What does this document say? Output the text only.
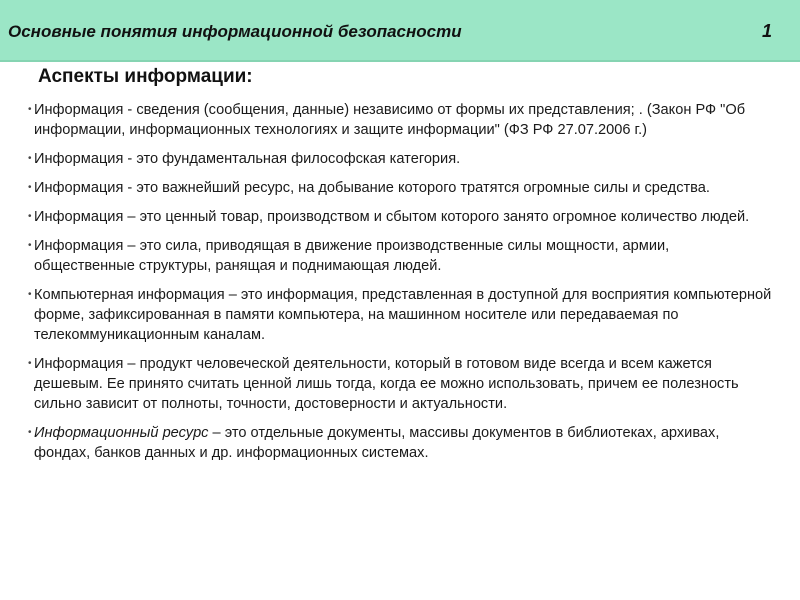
Основные понятия информационной безопасности	1
Аспекты информации:
• Информация - сведения (сообщения, данные) независимо от формы их представления; . (Закон РФ "Об информации, информационных технологиях и защите информации" (ФЗ РФ 27.07.2006 г.)
• Информация - это фундаментальная философская категория.
• Информация - это важнейший ресурс, на добывание которого тратятся огромные силы и средства.
• Информация – это ценный товар, производством и сбытом которого занято огромное количество людей.
• Информация – это сила, приводящая в движение производственные силы мощности, армии, общественные структуры, ранящая и поднимающая людей.
• Компьютерная информация – это информация, представленная в доступной для восприятия компьютерной форме, зафиксированная в памяти компьютера, на машинном носителе или передаваемая по телекоммуникационным каналам.
• Информация – продукт человеческой деятельности, который в готовом виде всегда и всем кажется дешевым. Ее принято считать ценной лишь тогда, когда ее можно использовать, причем ее полезность сильно зависит от полноты, точности, достоверности и актуальности.
• Информационный ресурс – это отдельные документы, массивы документов в библиотеках, архивах, фондах, банков данных и др. информационных системах.
